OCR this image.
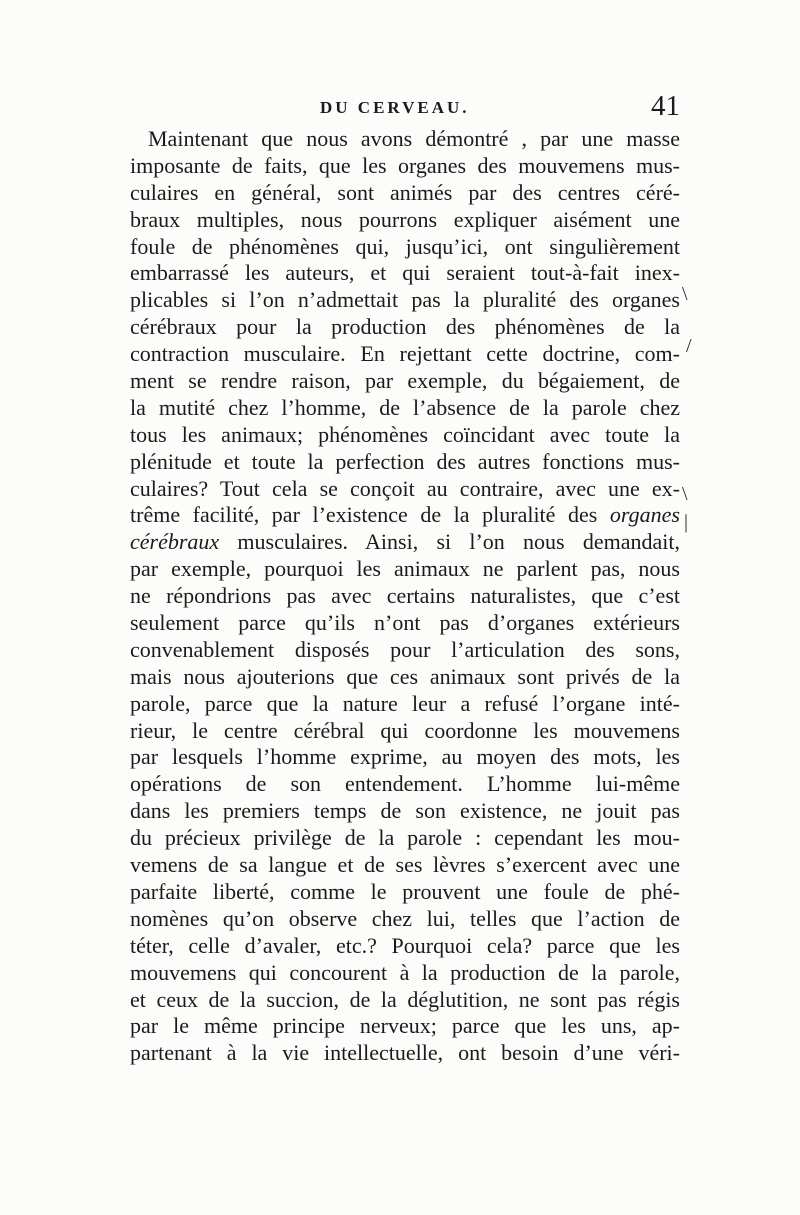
DU CERVEAU.	41
Maintenant que nous avons démontré , par une masse
imposante de faits, que les organes des mouvemens mus-
culaires en général, sont animés par des centres céré-
braux multiples, nous pourrons expliquer aisément une
foule de phénomènes qui, jusqu’ici, ont singulièrement
embarrassé les auteurs, et qui seraient tout-à-fait inex-
plicables si l’on n’admettait pas la pluralité des organes
cérébraux pour la production des phénomènes de la
contraction musculaire. En rejettant cette doctrine, com-
ment se rendre raison, par exemple, du bégaiement, de
la mutité chez l’homme, de l’absence de la parole chez
tous les animaux; phénomènes coïncidant avec toute la
plénitude et toute la perfection des autres fonctions mus-
culaires? Tout cela se conçoit au contraire, avec une ex-
trême facilité, par l’existence de la pluralité des organes
cérébraux musculaires. Ainsi, si l’on nous demandait,
par exemple, pourquoi les animaux ne parlent pas, nous
ne répondrions pas avec certains naturalistes, que c’est
seulement parce qu’ils n’ont pas d’organes extérieurs
convenablement disposés pour l’articulation des sons,
mais nous ajouterions que ces animaux sont privés de la
parole, parce que la nature leur a refusé l’organe inté-
rieur, le centre cérébral qui coordonne les mouvemens
par lesquels l’homme exprime, au moyen des mots, les
opérations de son entendement. L’homme lui-même
dans les premiers temps de son existence, ne jouit pas
du précieux privilège de la parole : cependant les mou-
vemens de sa langue et de ses lèvres s’exercent avec une
parfaite liberté, comme le prouvent une foule de phé-
nomènes qu’on observe chez lui, telles que l’action de
téter, celle d’avaler, etc.? Pourquoi cela? parce que les
mouvemens qui concourent à la production de la parole,
et ceux de la succion, de la déglutition, ne sont pas régis
par le même principe nerveux; parce que les uns, ap-
partenant à la vie intellectuelle, ont besoin d’une véri-
\
/
\
|
